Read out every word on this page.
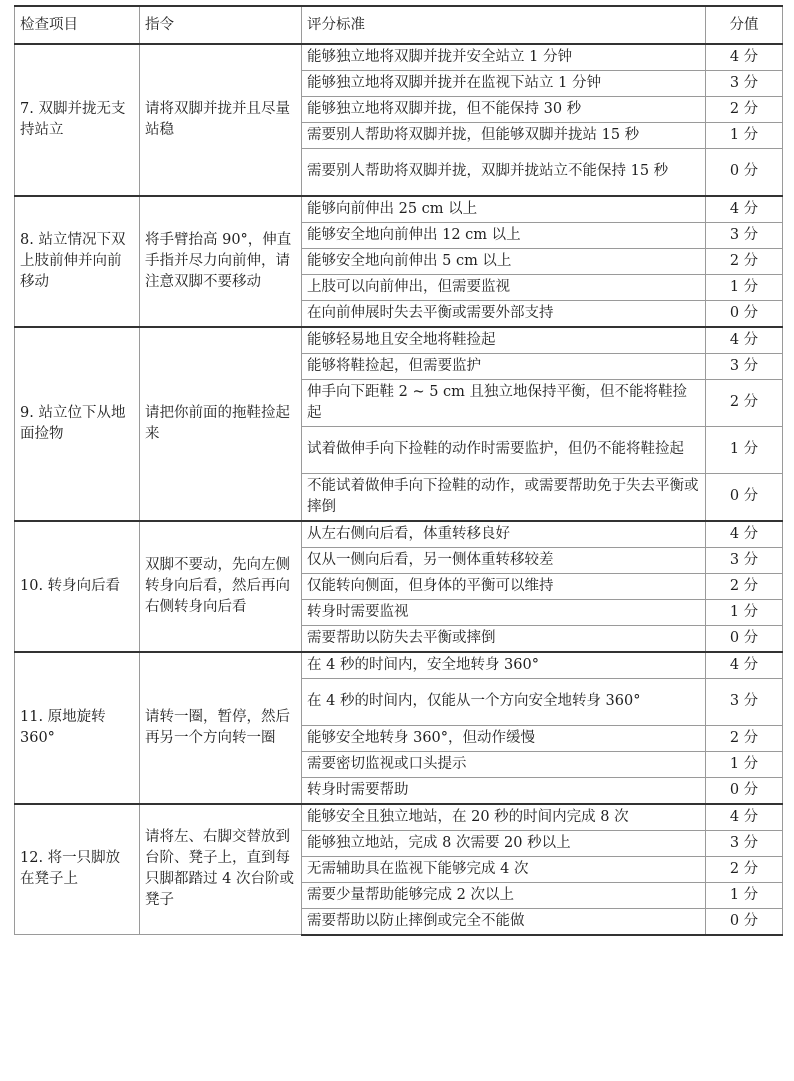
检查项目	指令	评分标准	分值
7. 双脚并拢无支持站立	请将双脚并拢并且尽量站稳	能够独立地将双脚并拢并安全站立 1 分钟	4 分
		能够独立地将双脚并拢并在监视下站立 1 分钟	3 分
		能够独立地将双脚并拢，但不能保持 30 秒	2 分
		需要别人帮助将双脚并拢，但能够双脚并拢站 15 秒	1 分
		需要别人帮助将双脚并拢，双脚并拢站立不能保持 15 秒	0 分
8. 站立情况下双上肢前伸并向前移动	将手臂抬高 90°，伸直手指并尽力向前伸，请注意双脚不要移动	能够向前伸出 25 cm 以上	4 分
		能够安全地向前伸出 12 cm 以上	3 分
		能够安全地向前伸出 5 cm 以上	2 分
		上肢可以向前伸出，但需要监视	1 分
		在向前伸展时失去平衡或需要外部支持	0 分
9. 站立位下从地面捡物	请把你前面的拖鞋捡起来	能够轻易地且安全地将鞋捡起	4 分
		能够将鞋捡起，但需要监护	3 分
		伸手向下距鞋 2 ~ 5 cm 且独立地保持平衡，但不能将鞋捡起	2 分
		试着做伸手向下捡鞋的动作时需要监护，但仍不能将鞋捡起	1 分
		不能试着做伸手向下捡鞋的动作，或需要帮助免于失去平衡或摔倒	0 分
10. 转身向后看	双脚不要动，先向左侧转身向后看，然后再向右侧转身向后看	从左右侧向后看，体重转移良好	4 分
		仅从一侧向后看，另一侧体重转移较差	3 分
		仅能转向侧面，但身体的平衡可以维持	2 分
		转身时需要监视	1 分
		需要帮助以防失去平衡或摔倒	0 分
11. 原地旋转 360°	请转一圈，暂停，然后再另一个方向转一圈	在 4 秒的时间内，安全地转身 360°	4 分
		在 4 秒的时间内，仅能从一个方向安全地转身 360°	3 分
		能够安全地转身 360°，但动作缓慢	2 分
		需要密切监视或口头提示	1 分
		转身时需要帮助	0 分
12. 将一只脚放在凳子上	请将左、右脚交替放到台阶、凳子上，直到每只脚都踏过 4 次台阶或凳子	能够安全且独立地站，在 20 秒的时间内完成 8 次	4 分
		能够独立地站，完成 8 次需要 20 秒以上	3 分
		无需辅助具在监视下能够完成 4 次	2 分
		需要少量帮助能够完成 2 次以上	1 分
		需要帮助以防止摔倒或完全不能做	0 分
